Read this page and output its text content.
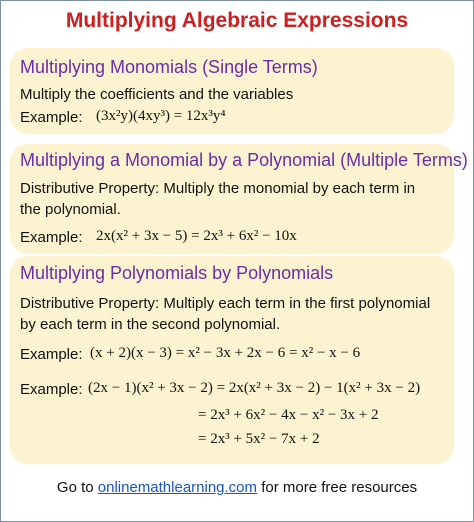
Multiplying Algebraic Expressions
Multiplying Monomials (Single Terms)
Multiply the coefficients and the variables
Example: (3x²y)(4xy³) = 12x³y⁴
Multiplying a Monomial by a Polynomial (Multiple Terms)
Distributive Property: Multiply the monomial by each term in
the polynomial.
Example: 2x(x² + 3x − 5) = 2x³ + 6x² − 10x
Multiplying Polynomials by Polynomials
Distributive Property: Multiply each term in the first polynomial
by each term in the second polynomial.
Example: (x + 2)(x − 3) = x² − 3x + 2x − 6 = x² − x − 6
Example: (2x − 1)(x² + 3x − 2) = 2x(x² + 3x − 2) − 1(x² + 3x − 2)
= 2x³ + 6x² − 4x − x² − 3x + 2
= 2x³ + 5x² − 7x + 2
Go to onlinemathlearning.com for more free resources
